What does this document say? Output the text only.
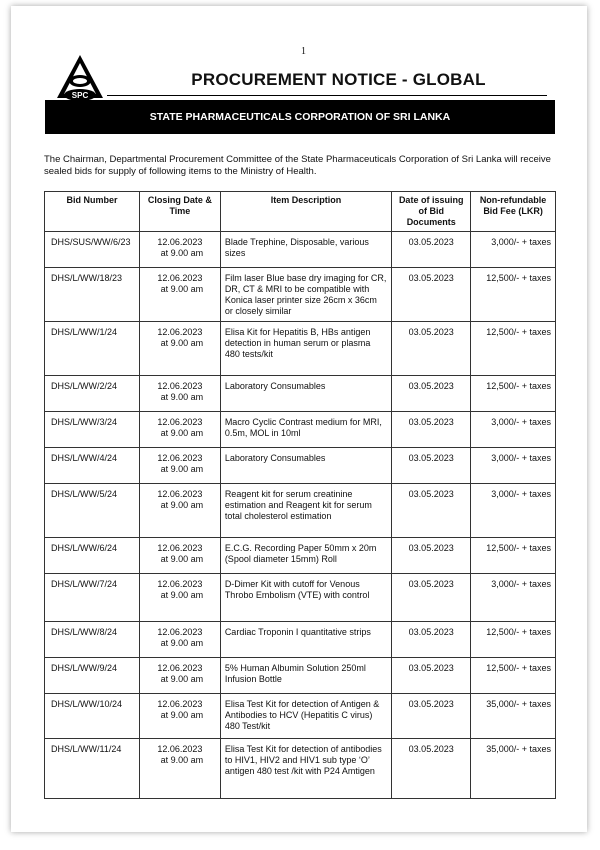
1
SPC
PROCUREMENT NOTICE - GLOBAL
STATE PHARMACEUTICALS CORPORATION OF SRI LANKA
The Chairman, Departmental Procurement Committee of the State Pharmaceuticals Corporation of Sri Lanka will receive sealed bids for supply of following items to the Ministry of Health.
Bid Number	Closing Date & Time	Item Description	Date of issuing of Bid Documents	Non-refundable Bid Fee (LKR)

DHS/SUS/WW/6/23	12.06.2023
at 9.00 am	Blade Trephine, Disposable, various sizes	03.05.2023	3,000/- + taxes

DHS/L/WW/18/23	12.06.2023
at 9.00 am	Film laser Blue base dry imaging for CR, DR, CT & MRI to be compatible with Konica laser printer size 26cm x 36cm or closely similar	03.05.2023	12,500/- + taxes

DHS/L/WW/1/24	12.06.2023
at 9.00 am	Elisa Kit for Hepatitis B, HBs antigen detection in human serum or plasma 480 tests/kit	03.05.2023	12,500/- + taxes

DHS/L/WW/2/24	12.06.2023
at 9.00 am	Laboratory Consumables	03.05.2023	12,500/- + taxes

DHS/L/WW/3/24	12.06.2023
at 9.00 am	Macro Cyclic Contrast medium for MRI, 0.5m, MOL in 10ml	03.05.2023	3,000/- + taxes

DHS/L/WW/4/24	12.06.2023
at 9.00 am	Laboratory Consumables	03.05.2023	3,000/- + taxes

DHS/L/WW/5/24	12.06.2023
at 9.00 am	Reagent kit for serum creatinine estimation and Reagent kit for serum total cholesterol estimation	03.05.2023	3,000/- + taxes

DHS/L/WW/6/24	12.06.2023
at 9.00 am	E.C.G. Recording Paper 50mm x 20m (Spool diameter 15mm) Roll	03.05.2023	12,500/- + taxes

DHS/L/WW/7/24	12.06.2023
at 9.00 am	D-Dimer Kit with cutoff for Venous Throbo Embolism (VTE) with control	03.05.2023	3,000/- + taxes

DHS/L/WW/8/24	12.06.2023
at 9.00 am	Cardiac Troponin I quantitative strips	03.05.2023	12,500/- + taxes

DHS/L/WW/9/24	12.06.2023
at 9.00 am	5% Human Albumin Solution 250ml Infusion Bottle	03.05.2023	12,500/- + taxes

DHS/L/WW/10/24	12.06.2023
at 9.00 am	Elisa Test Kit for detection of Antigen & Antibodies to HCV (Hepatitis C virus) 480 Test/kit	03.05.2023	35,000/- + taxes

DHS/L/WW/11/24	12.06.2023
at 9.00 am	Elisa Test Kit for detection of antibodies to HIV1, HIV2 and HIV1 sub type ‘O’ antigen 480 test /kit with P24 Amtigen	03.05.2023	35,000/- + taxes
